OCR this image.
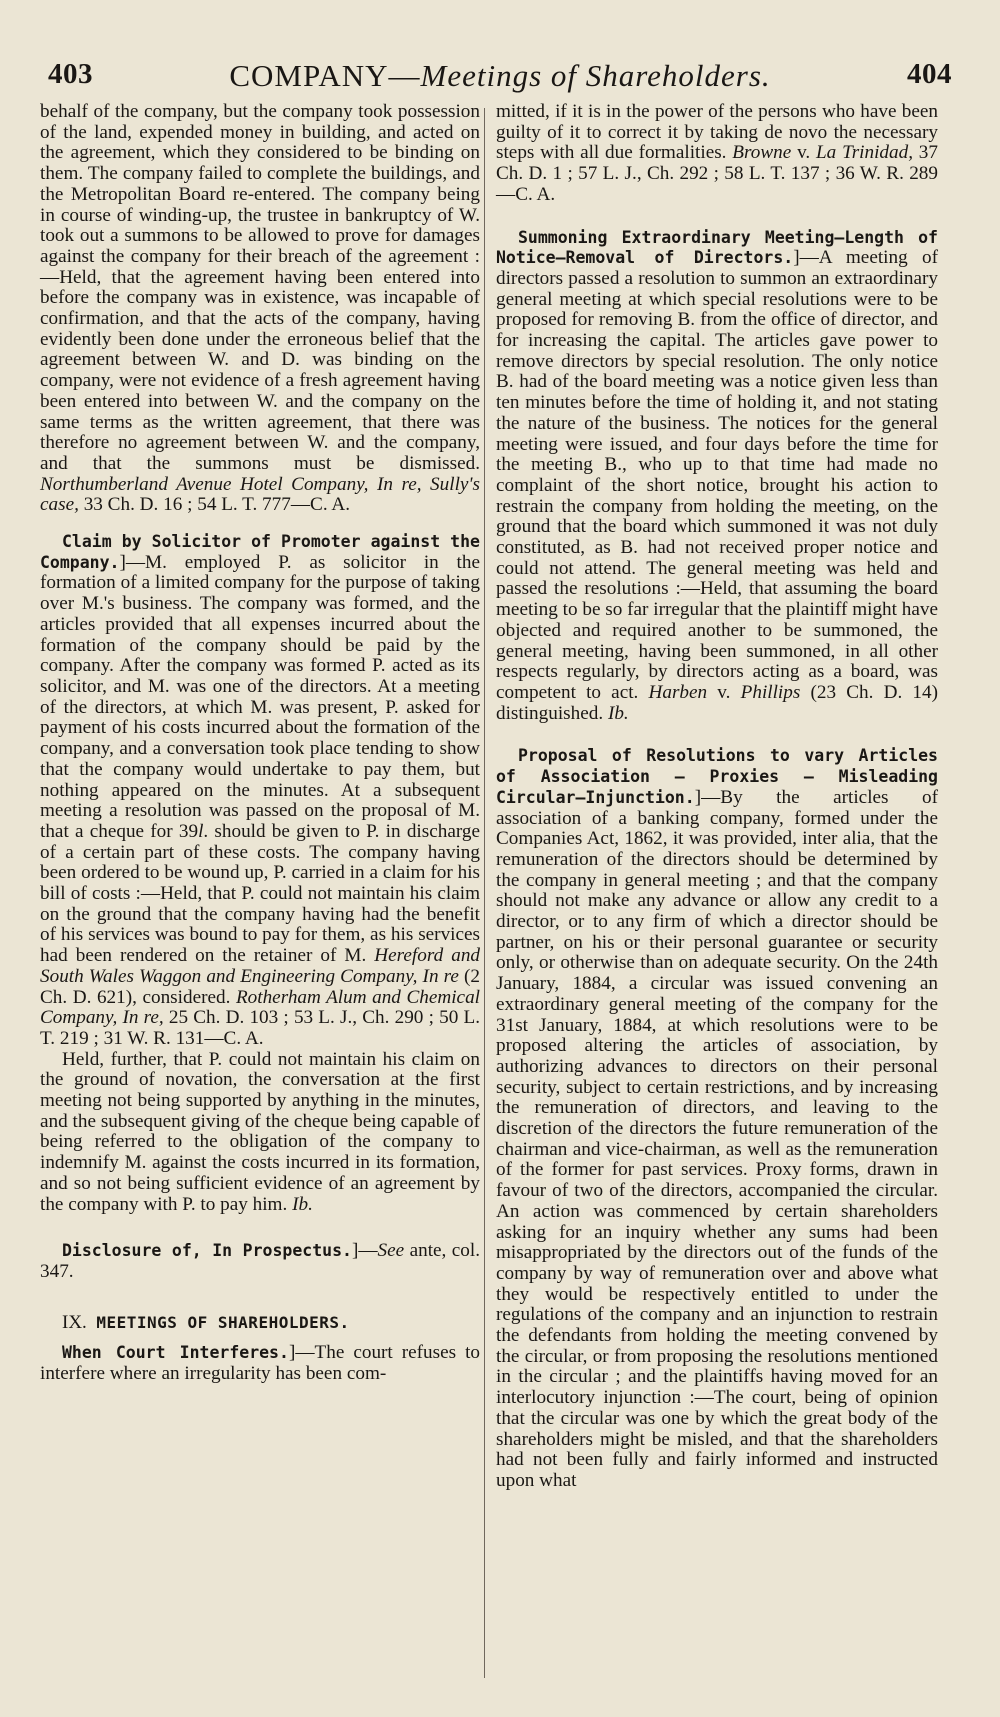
403	COMPANY—Meetings of Shareholders.	404

behalf of the company, but the company took possession of the land, expended money in building, and acted on the agreement, which they considered to be binding on them. The company failed to complete the buildings, and the Metropolitan Board re-entered. The company being in course of winding-up, the trustee in bankruptcy of W. took out a summons to be allowed to prove for damages against the company for their breach of the agreement :—Held, that the agreement having been entered into before the company was in existence, was incapable of confirmation, and that the acts of the company, having evidently been done under the erroneous belief that the agreement between W. and D. was binding on the company, were not evidence of a fresh agreement having been entered into between W. and the company on the same terms as the written agreement, that there was therefore no agreement between W. and the company, and that the summons must be dismissed. Northumberland Avenue Hotel Company, In re, Sully's case, 33 Ch. D. 16 ; 54 L. T. 777—C. A.

Claim by Solicitor of Promoter against the Company.]—M. employed P. as solicitor in the formation of a limited company for the purpose of taking over M.'s business. The company was formed, and the articles provided that all expenses incurred about the formation of the company should be paid by the company. After the company was formed P. acted as its solicitor, and M. was one of the directors. At a meeting of the directors, at which M. was present, P. asked for payment of his costs incurred about the formation of the company, and a conversation took place tending to show that the company would undertake to pay them, but nothing appeared on the minutes. At a subsequent meeting a resolution was passed on the proposal of M. that a cheque for 39l. should be given to P. in discharge of a certain part of these costs. The company having been ordered to be wound up, P. carried in a claim for his bill of costs :—Held, that P. could not maintain his claim on the ground that the company having had the benefit of his services was bound to pay for them, as his services had been rendered on the retainer of M. Hereford and South Wales Waggon and Engineering Company, In re (2 Ch. D. 621), considered. Rotherham Alum and Chemical Company, In re, 25 Ch. D. 103 ; 53 L. J., Ch. 290 ; 50 L. T. 219 ; 31 W. R. 131—C. A.

Held, further, that P. could not maintain his claim on the ground of novation, the conversation at the first meeting not being supported by anything in the minutes, and the subsequent giving of the cheque being capable of being referred to the obligation of the company to indemnify M. against the costs incurred in its formation, and so not being sufficient evidence of an agreement by the company with P. to pay him. Ib.

Disclosure of, In Prospectus.]—See ante, col. 347.

IX. MEETINGS OF SHAREHOLDERS.

When Court Interferes.]—The court refuses to interfere where an irregularity has been com-

mitted, if it is in the power of the persons who have been guilty of it to correct it by taking de novo the necessary steps with all due formalities. Browne v. La Trinidad, 37 Ch. D. 1 ; 57 L. J., Ch. 292 ; 58 L. T. 137 ; 36 W. R. 289—C. A.

Summoning Extraordinary Meeting—Length of Notice—Removal of Directors.]—A meeting of directors passed a resolution to summon an extraordinary general meeting at which special resolutions were to be proposed for removing B. from the office of director, and for increasing the capital. The articles gave power to remove directors by special resolution. The only notice B. had of the board meeting was a notice given less than ten minutes before the time of holding it, and not stating the nature of the business. The notices for the general meeting were issued, and four days before the time for the meeting B., who up to that time had made no complaint of the short notice, brought his action to restrain the company from holding the meeting, on the ground that the board which summoned it was not duly constituted, as B. had not received proper notice and could not attend. The general meeting was held and passed the resolutions :—Held, that assuming the board meeting to be so far irregular that the plaintiff might have objected and required another to be summoned, the general meeting, having been summoned, in all other respects regularly, by directors acting as a board, was competent to act. Harben v. Phillips (23 Ch. D. 14) distinguished. Ib.

Proposal of Resolutions to vary Articles of Association — Proxies — Misleading Circular—Injunction.]—By the articles of association of a banking company, formed under the Companies Act, 1862, it was provided, inter alia, that the remuneration of the directors should be determined by the company in general meeting ; and that the company should not make any advance or allow any credit to a director, or to any firm of which a director should be partner, on his or their personal guarantee or security only, or otherwise than on adequate security. On the 24th January, 1884, a circular was issued convening an extraordinary general meeting of the company for the 31st January, 1884, at which resolutions were to be proposed altering the articles of association, by authorizing advances to directors on their personal security, subject to certain restrictions, and by increasing the remuneration of directors, and leaving to the discretion of the directors the future remuneration of the chairman and vice-chairman, as well as the remuneration of the former for past services. Proxy forms, drawn in favour of two of the directors, accompanied the circular. An action was commenced by certain shareholders asking for an inquiry whether any sums had been misappropriated by the directors out of the funds of the company by way of remuneration over and above what they would be respectively entitled to under the regulations of the company and an injunction to restrain the defendants from holding the meeting convened by the circular, or from proposing the resolutions mentioned in the circular ; and the plaintiffs having moved for an interlocutory injunction :—The court, being of opinion that the circular was one by which the great body of the shareholders might be misled, and that the shareholders had not been fully and fairly informed and instructed upon what
